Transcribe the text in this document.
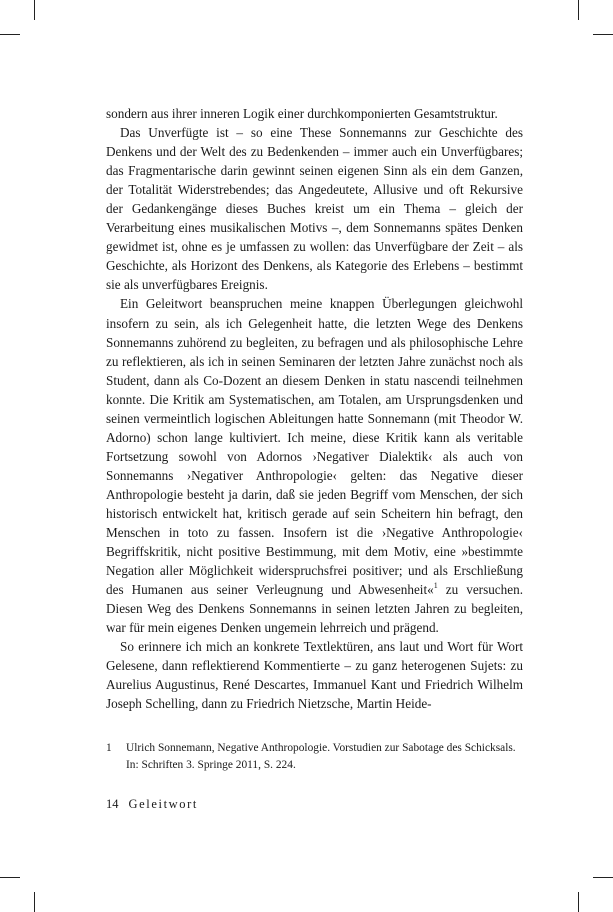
sondern aus ihrer inneren Logik einer durchkomponierten Gesamtstruktur.

Das Unverfügte ist – so eine These Sonnemanns zur Geschichte des Denkens und der Welt des zu Bedenkenden – immer auch ein Unverfügbares; das Fragmentarische darin gewinnt seinen eigenen Sinn als ein dem Ganzen, der Totalität Widerstrebendes; das Angedeutete, Allusive und oft Rekursive der Gedankengänge dieses Buches kreist um ein Thema – gleich der Verarbeitung eines musikalischen Motivs –, dem Sonnemanns spätes Denken gewidmet ist, ohne es je umfassen zu wollen: das Unverfügbare der Zeit – als Geschichte, als Horizont des Denkens, als Kategorie des Erlebens – bestimmt sie als unverfügbares Ereignis.

Ein Geleitwort beanspruchen meine knappen Überlegungen gleichwohl insofern zu sein, als ich Gelegenheit hatte, die letzten Wege des Denkens Sonnemanns zuhörend zu begleiten, zu befragen und als philosophische Lehre zu reflektieren, als ich in seinen Seminaren der letzten Jahre zunächst noch als Student, dann als Co-Dozent an diesem Denken in statu nascendi teilnehmen konnte. Die Kritik am Systematischen, am Totalen, am Ursprungsdenken und seinen vermeintlich logischen Ableitungen hatte Sonnemann (mit Theodor W. Adorno) schon lange kultiviert. Ich meine, diese Kritik kann als veritable Fortsetzung sowohl von Adornos ›Negativer Dialektik‹ als auch von Sonnemanns ›Negativer Anthropologie‹ gelten: das Negative dieser Anthropologie besteht ja darin, daß sie jeden Begriff vom Menschen, der sich historisch entwickelt hat, kritisch gerade auf sein Scheitern hin befragt, den Menschen in toto zu fassen. Insofern ist die ›Negative Anthropologie‹ Begriffskritik, nicht positive Bestimmung, mit dem Motiv, eine »bestimmte Negation aller Möglichkeit widerspruchsfrei positiver; und als Erschließung des Humanen aus seiner Verleugnung und Abwesenheit«$^1$ zu versuchen. Diesen Weg des Denkens Sonnemanns in seinen letzten Jahren zu begleiten, war für mein eigenes Denken ungemein lehrreich und prägend.

So erinnere ich mich an konkrete Textlektüren, ans laut und Wort für Wort Gelesene, dann reflektierend Kommentierte – zu ganz heterogenen Sujets: zu Aurelius Augustinus, René Descartes, Immanuel Kant und Friedrich Wilhelm Joseph Schelling, dann zu Friedrich Nietzsche, Martin Heide-

1	Ulrich Sonnemann, Negative Anthropologie. Vorstudien zur Sabotage des Schicksals. In: Schriften 3. Springe 2011, S. 224.
14 Geleitwort
